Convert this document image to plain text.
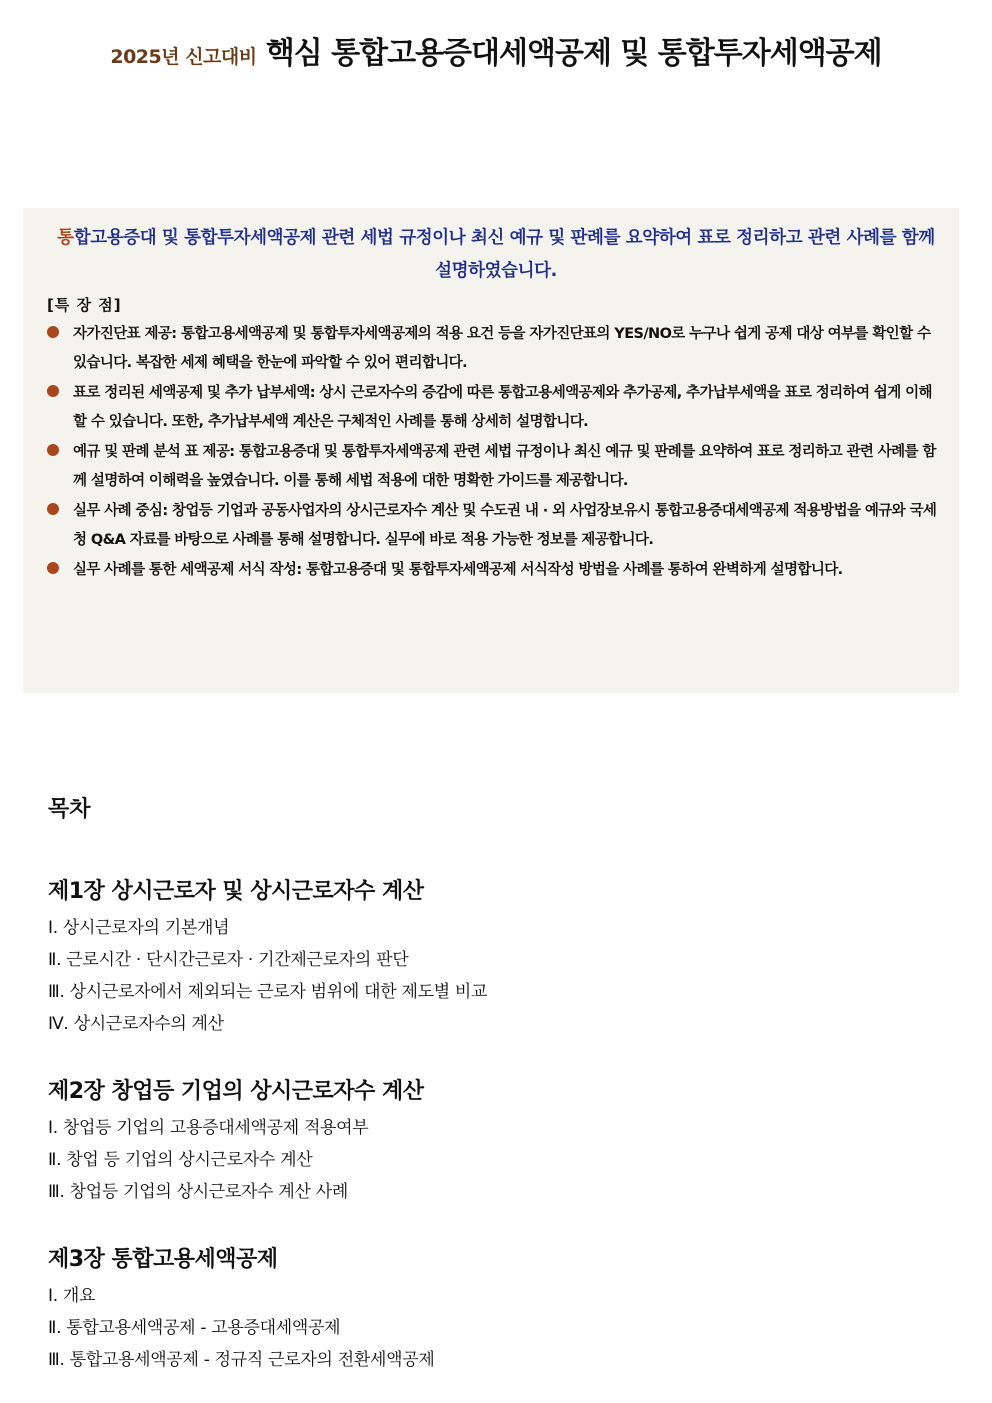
2025년 신고대비 핵심 통합고용증대세액공제 및 통합투자세액공제

통합고용증대 및 통합투자세액공제 관련 세법 규정이나 최신 예규 및 판례를 요약하여 표로 정리하고 관련 사례를 함께 설명하였습니다.

[특 장 점]

자가진단표 제공: 통합고용세액공제 및 통합투자세액공제의 적용 요건 등을 자가진단표의 YES/NO로 누구나 쉽게 공제 대상 여부를 확인할 수 있습니다. 복잡한 세제 혜택을 한눈에 파악할 수 있어 편리합니다.
표로 정리된 세액공제 및 추가 납부세액: 상시 근로자수의 증감에 따른 통합고용세액공제와 추가공제, 추가납부세액을 표로 정리하여 쉽게 이해할 수 있습니다. 또한, 추가납부세액 계산은 구체적인 사례를 통해 상세히 설명합니다.
예규 및 판례 분석 표 제공: 통합고용증대 및 통합투자세액공제 관련 세법 규정이나 최신 예규 및 판례를 요약하여 표로 정리하고 관련 사례를 함께 설명하여 이해력을 높였습니다. 이를 통해 세법 적용에 대한 명확한 가이드를 제공합니다.
실무 사례 중심: 창업등 기업과 공동사업자의 상시근로자수 계산 및 수도권 내 · 외 사업장보유시 통합고용증대세액공제 적용방법을 예규와 국세청 Q&A 자료를 바탕으로 사례를 통해 설명합니다. 실무에 바로 적용 가능한 정보를 제공합니다.
실무 사례를 통한 세액공제 서식 작성: 통합고용증대 및 통합투자세액공제 서식작성 방법을 사례를 통하여 완벽하게 설명합니다.

목차

제1장 상시근로자 및 상시근로자수 계산

Ⅰ. 상시근로자의 기본개념

Ⅱ. 근로시간 · 단시간근로자 · 기간제근로자의 판단

Ⅲ. 상시근로자에서 제외되는 근로자 범위에 대한 제도별 비교

Ⅳ. 상시근로자수의 계산

제2장 창업등 기업의 상시근로자수 계산

Ⅰ. 창업등 기업의 고용증대세액공제 적용여부

Ⅱ. 창업 등 기업의 상시근로자수 계산

Ⅲ. 창업등 기업의 상시근로자수 계산 사례

제3장 통합고용세액공제

Ⅰ. 개요

Ⅱ. 통합고용세액공제 - 고용증대세액공제

Ⅲ. 통합고용세액공제 - 정규직 근로자의 전환세액공제
